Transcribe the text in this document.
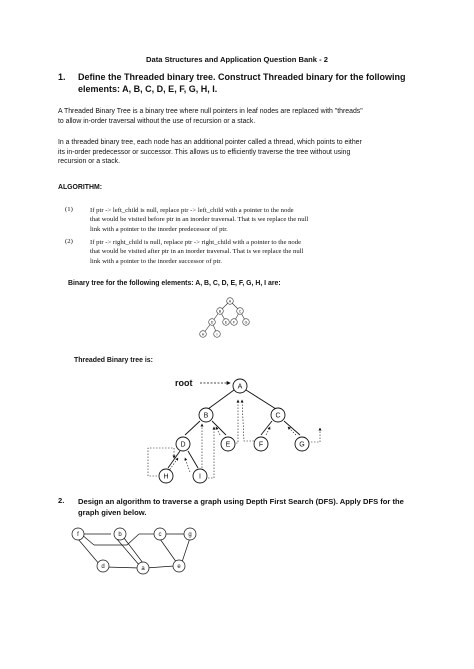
Data Structures and Application Question Bank - 2
1. Define the Threaded binary tree. Construct Threaded binary for the following
elements: A, B, C, D, E, F, G, H, I.
A Threaded Binary Tree is a binary tree where null pointers in leaf nodes are replaced with "threads"
to allow in-order traversal without the use of recursion or a stack.
In a threaded binary tree, each node has an additional pointer called a thread, which points to either
its in-order predecessor or successor. This allows us to efficiently traverse the tree without using
recursion or a stack.
ALGORITHM:
(1)	If ptr -> left_child is null, replace ptr -> left_child with a pointer to the node
that would be visited before ptr in an inorder traversal. That is we replace the null
link with a pointer to the inorder predecessor of ptr.
(2)	If ptr -> right_child is null, replace ptr -> right_child with a pointer to the node
that would be visited after ptr in an inorder traversal. That is we replace the null
link with a pointer to the inorder successor of ptr.
Binary tree for the following elements: A, B, C, D, E, F, G, H, I are:
A
B	C
D	E F	G
H	I
Threaded Binary tree is:
root	A
B	C
D	E	F	G
H	I
2. Design an algorithm to traverse a graph using Depth First Search (DFS). Apply DFS for the
graph given below.
f	b	c	g
d	a	e
